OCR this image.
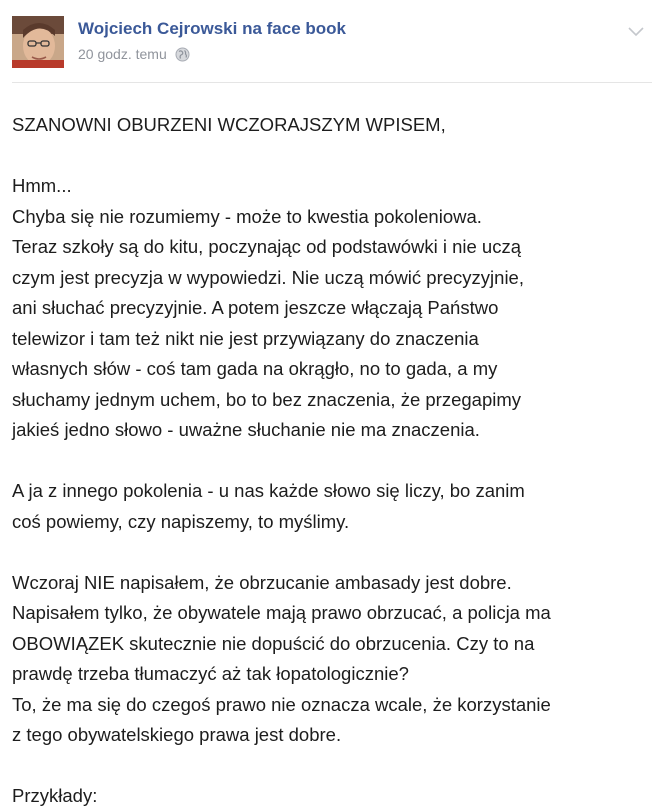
Wojciech Cejrowski na face book
20 godz. temu
SZANOWNI OBURZENI WCZORAJSZYM WPISEM,
Hmm...
Chyba się nie rozumiemy - może to kwestia pokoleniowa.
Teraz szkoły są do kitu, poczynając od podstawówki i nie uczą
czym jest precyzja w wypowiedzi. Nie uczą mówić precyzyjnie,
ani słuchać precyzyjnie. A potem jeszcze włączają Państwo
telewizor i tam też nikt nie jest przywiązany do znaczenia
własnych słów - coś tam gada na okrągło, no to gada, a my
słuchamy jednym uchem, bo to bez znaczenia, że przegapimy
jakieś jedno słowo - uważne słuchanie nie ma znaczenia.
A ja z innego pokolenia - u nas każde słowo się liczy, bo zanim
coś powiemy, czy napiszemy, to myślimy.
Wczoraj NIE napisałem, że obrzucanie ambasady jest dobre.
Napisałem tylko, że obywatele mają prawo obrzucać, a policja ma
OBOWIĄZEK skutecznie nie dopuścić do obrzucenia. Czy to na
prawdę trzeba tłumaczyć aż tak łopatologicznie?
To, że ma się do czegoś prawo nie oznacza wcale, że korzystanie
z tego obywatelskiego prawa jest dobre.
Przykłady:
